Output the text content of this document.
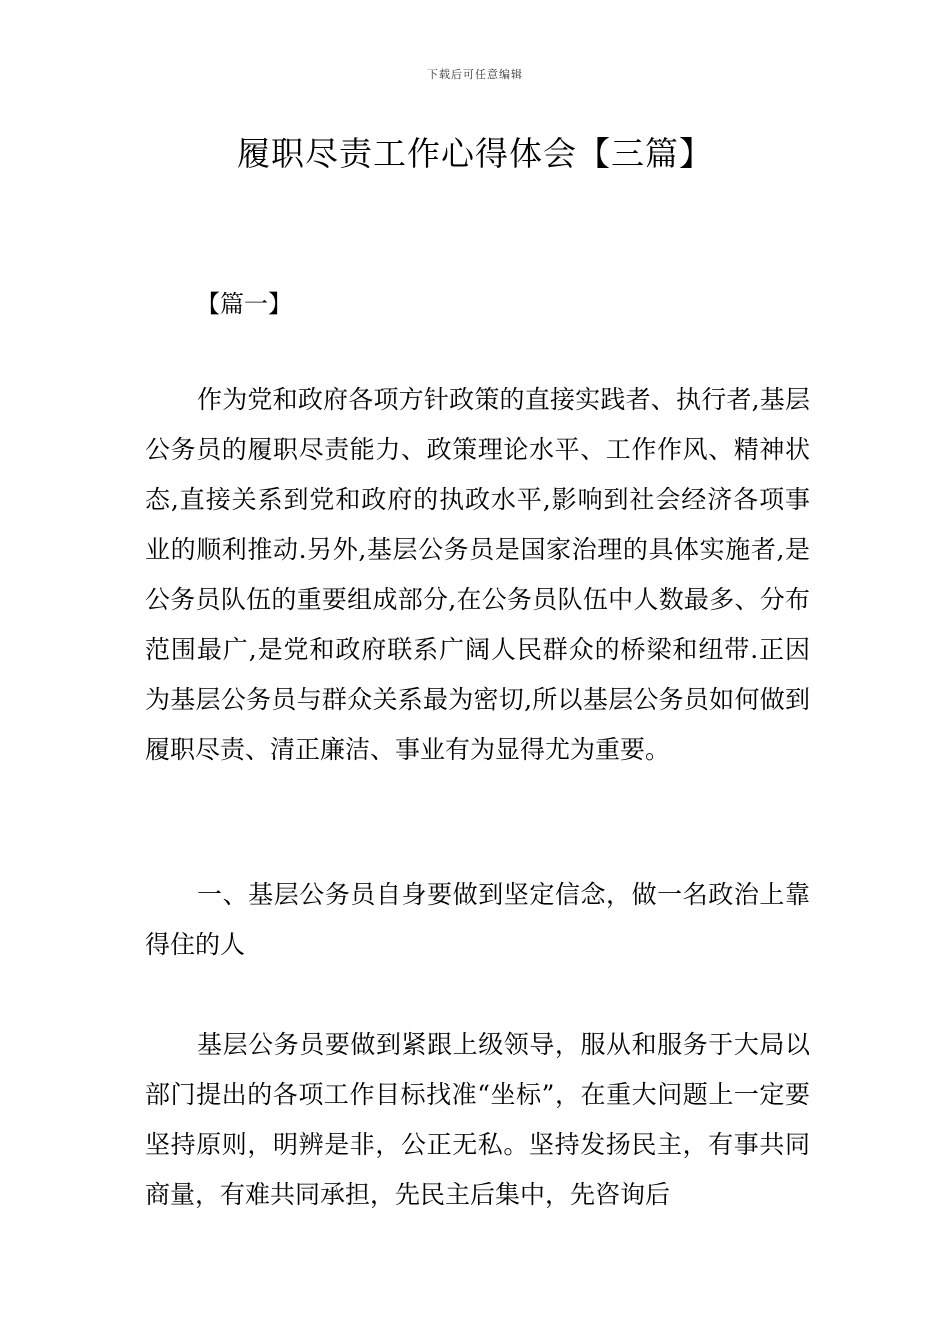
下载后可任意编辑
履职尽责工作心得体会【三篇】
【篇一】

作为党和政府各项方针政策的直接实践者、执行者,基层公务员的履职尽责能力、政策理论水平、工作作风、精神状态,直接关系到党和政府的执政水平,影响到社会经济各项事业的顺利推动.另外,基层公务员是国家治理的具体实施者,是公务员队伍的重要组成部分,在公务员队伍中人数最多、分布范围最广,是党和政府联系广阔人民群众的桥梁和纽带.正因为基层公务员与群众关系最为密切,所以基层公务员如何做到履职尽责、清正廉洁、事业有为显得尤为重要。

一、基层公务员自身要做到坚定信念，做一名政治上靠得住的人

基层公务员要做到紧跟上级领导，服从和服务于大局以部门提出的各项工作目标找准“坐标”，在重大问题上一定要坚持原则，明辨是非，公正无私。坚持发扬民主，有事共同商量，有难共同承担，先民主后集中，先咨询后
